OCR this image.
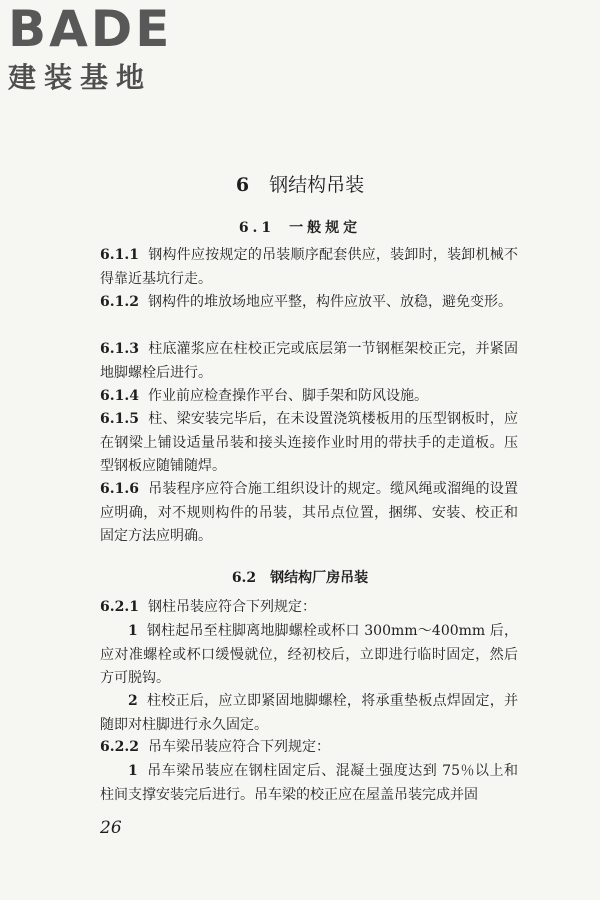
BADE
建装基地
6 钢结构吊装
6.1 一般规定
6.1.1 钢构件应按规定的吊装顺序配套供应，装卸时，装卸机械不得靠近基坑行走。
6.1.2 钢构件的堆放场地应平整，构件应放平、放稳，避免变形。
6.1.3 柱底灌浆应在柱校正完或底层第一节钢框架校正完，并紧固地脚螺栓后进行。
6.1.4 作业前应检查操作平台、脚手架和防风设施。
6.1.5 柱、梁安装完毕后，在未设置浇筑楼板用的压型钢板时，应在钢梁上铺设适量吊装和接头连接作业时用的带扶手的走道板。压型钢板应随铺随焊。
6.1.6 吊装程序应符合施工组织设计的规定。缆风绳或溜绳的设置应明确，对不规则构件的吊装，其吊点位置，捆绑、安装、校正和固定方法应明确。
6.2 钢结构厂房吊装
6.2.1 钢柱吊装应符合下列规定：
1 钢柱起吊至柱脚离地脚螺栓或杯口 300mm～400mm 后，应对准螺栓或杯口缓慢就位，经初校后，立即进行临时固定，然后方可脱钩。
2 柱校正后，应立即紧固地脚螺栓，将承重垫板点焊固定，并随即对柱脚进行永久固定。
6.2.2 吊车梁吊装应符合下列规定：
1 吊车梁吊装应在钢柱固定后、混凝土强度达到 75％以上和柱间支撑安装完后进行。吊车梁的校正应在屋盖吊装完成并固
26
